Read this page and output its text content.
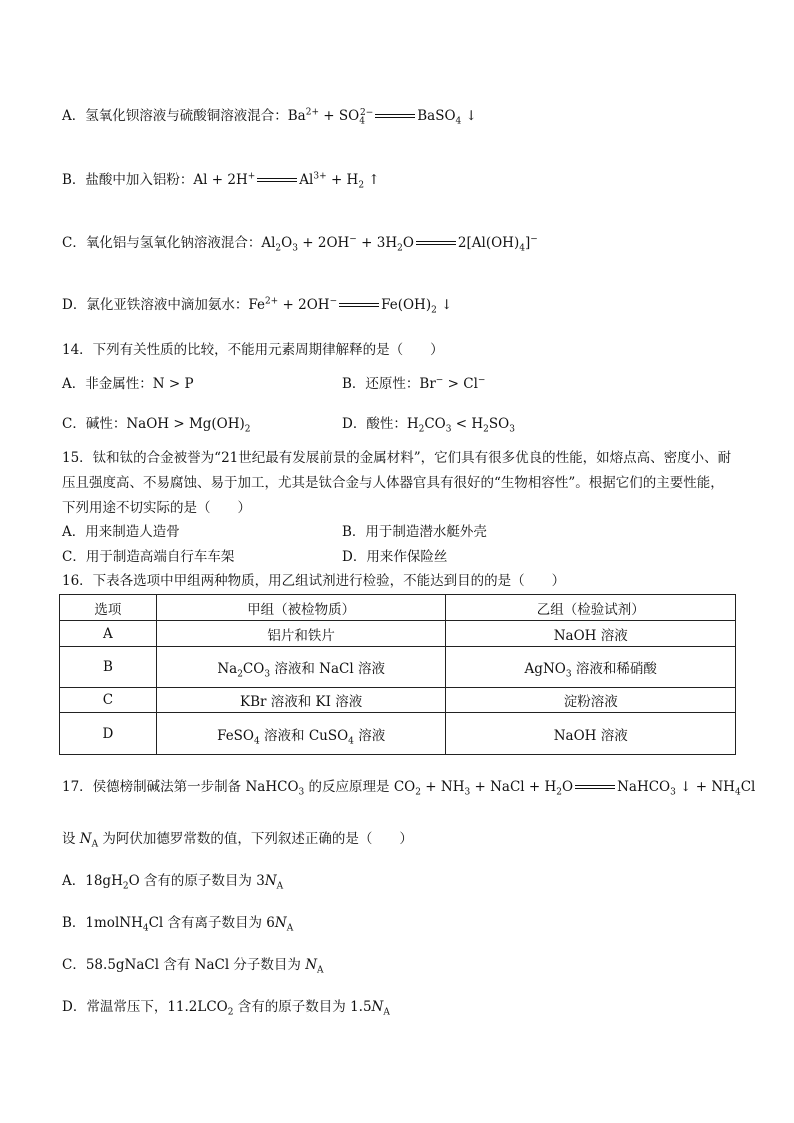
A．氢氧化钡溶液与硫酸铜溶液混合：$Ba^{2+} + SO_4^{2-}$	BaSO$_4$ ↓
B．盐酸中加入铝粉：Al + 2H+	$Al^{3+} + H_2$ ↑
C．氧化铝与氢氧化钠溶液混合：$Al_2O_3 + 2OH^- + 3H_2O$	$2[Al(OH)_4]^-$
D．氯化亚铁溶液中滴加氨水：$Fe^{2+} + 2OH^-$	$Fe(OH)_2$ ↓
14．下列有关性质的比较，不能用元素周期律解释的是（　　）
A．非金属性：N > P	B．还原性：Br− > Cl−
C．碱性：NaOH > $Mg(OH)_2$	D．酸性：$H_2CO_3 < H_2SO_3$
15．钛和钛的合金被誉为“21世纪最有发展前景的金属材料”，它们具有很多优良的性能，如熔点高、密度小、耐压且强度高、不易腐蚀、易于加工，尤其是钛合金与人体器官具有很好的“生物相容性”。根据它们的主要性能，下列用途不切实际的是（　　）
A．用来制造人造骨	B．用于制造潜水艇外壳
C．用于制造高端自行车车架	D．用来作保险丝
16．下表各选项中甲组两种物质，用乙组试剂进行检验，不能达到目的的是（　　）
选项	甲组（被检物质）	乙组（检验试剂）
A	铝片和铁片	NaOH 溶液
B	$Na_2CO_3$ 溶液和 NaCl 溶液	AgNO$_3$ 溶液和稀硝酸
C	KBr 溶液和 KI 溶液	淀粉溶液
D	FeSO$_4$ 溶液和 CuSO$_4$ 溶液	NaOH 溶液
17．侯德榜制碱法第一步制备 NaHCO$_3$ 的反应原理是 $CO_2 + NH_3$ + NaCl + $H_2O$	NaHCO$_3$ ↓ + $NH_4Cl$
设 $N_A$ 为阿伏加德罗常数的值，下列叙述正确的是（　　）
A．$18gH_2O$ 含有的原子数目为 $3N_A$
B．1molNH$_4$Cl 含有离子数目为 $6N_A$
C．58.5gNaCl 含有 NaCl 分子数目为 $N_A$
D．常温常压下，$11.2LCO_2$ 含有的原子数目为 $1.5N_A$
